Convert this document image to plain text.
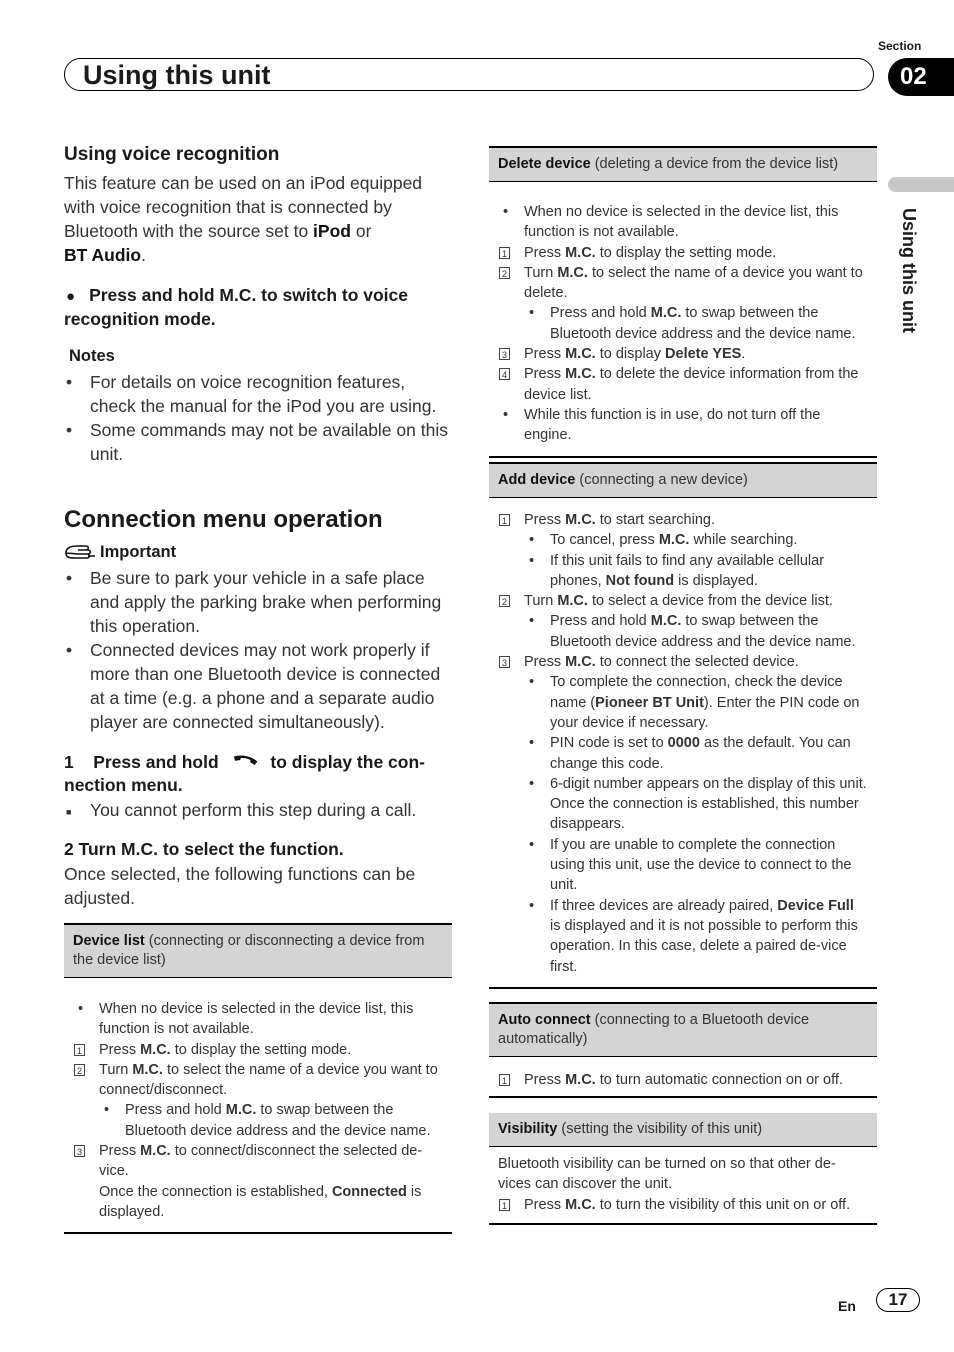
Section
Using this unit	02
Using this unit
Using voice recognition
This feature can be used on an iPod equipped with voice recognition that is connected by Bluetooth with the source set to iPod or
BT Audio.
● Press and hold M.C. to switch to voice recognition mode.
Notes
• For details on voice recognition features, check the manual for the iPod you are using.
• Some commands may not be available on this unit.
Connection menu operation
Important
• Be sure to park your vehicle in a safe place and apply the parking brake when performing this operation.
• Connected devices may not work properly if more than one Bluetooth device is connected at a time (e.g. a phone and a separate audio player are connected simultaneously).
1 Press and hold	to display the con-
nection menu.
■ You cannot perform this step during a call.
2 Turn M.C. to select the function.
Once selected, the following functions can be adjusted.
Device list (connecting or disconnecting a device from the device list)
• When no device is selected in the device list, this function is not available.
1 Press M.C. to display the setting mode.
2 Turn M.C. to select the name of a device you want to connect/disconnect.
• Press and hold M.C. to swap between the Bluetooth device address and the device name.
3 Press M.C. to connect/disconnect the selected de-vice.
Once the connection is established, Connected is displayed.
Delete device (deleting a device from the device list)
• When no device is selected in the device list, this function is not available.
1 Press M.C. to display the setting mode.
2 Turn M.C. to select the name of a device you want to delete.
• Press and hold M.C. to swap between the Bluetooth device address and the device name.
3 Press M.C. to display Delete YES.
4 Press M.C. to delete the device information from the device list.
• While this function is in use, do not turn off the engine.
Add device (connecting a new device)
1 Press M.C. to start searching.
• To cancel, press M.C. while searching.
• If this unit fails to find any available cellular phones, Not found is displayed.
2 Turn M.C. to select a device from the device list.
• Press and hold M.C. to swap between the Bluetooth device address and the device name.
3 Press M.C. to connect the selected device.
• To complete the connection, check the device name (Pioneer BT Unit). Enter the PIN code on your device if necessary.
• PIN code is set to 0000 as the default. You can change this code.
• 6-digit number appears on the display of this unit. Once the connection is established, this number disappears.
• If you are unable to complete the connection using this unit, use the device to connect to the unit.
• If three devices are already paired, Device Full is displayed and it is not possible to perform this operation. In this case, delete a paired de-vice first.
Auto connect (connecting to a Bluetooth device automatically)
1 Press M.C. to turn automatic connection on or off.
Visibility (setting the visibility of this unit)
Bluetooth visibility can be turned on so that other de-vices can discover the unit.
1 Press M.C. to turn the visibility of this unit on or off.
En	17
